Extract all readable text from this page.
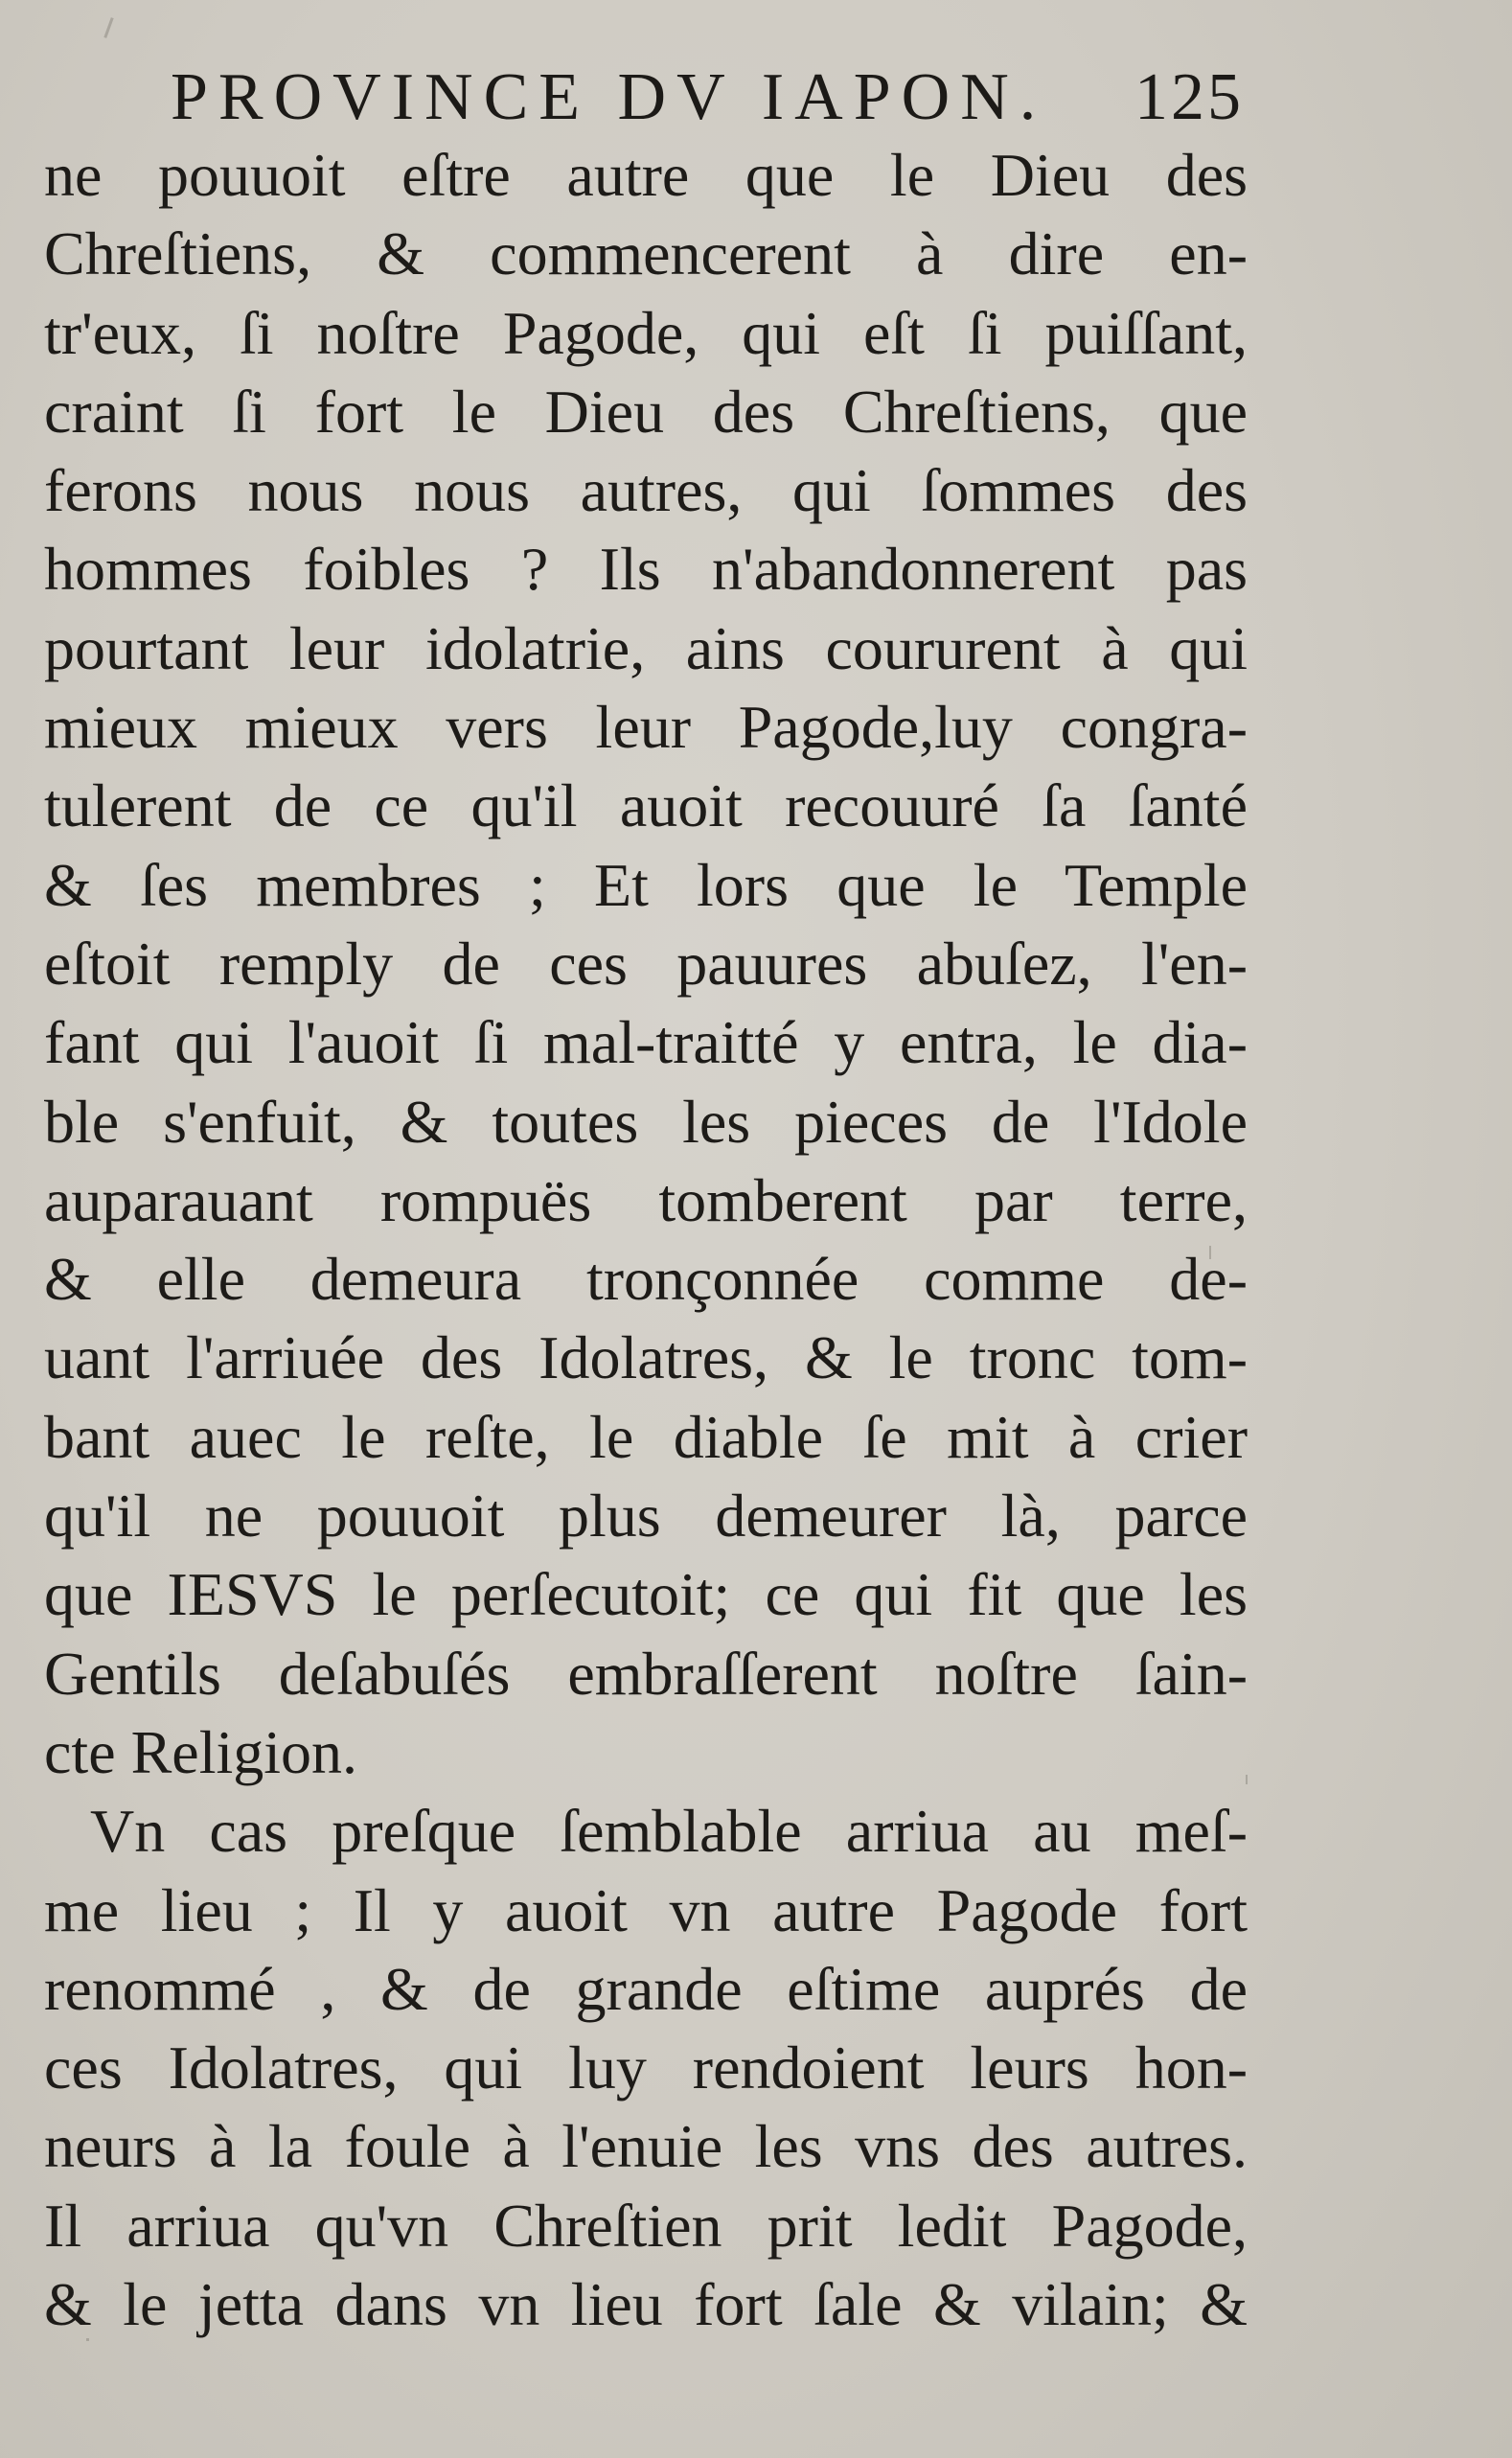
PROVINCE DV IAPON. 125
ne pouuoit eſtre autre que le Dieu des
Chreſtiens, & commencerent à dire en-
tr'eux, ſi noſtre Pagode, qui eſt ſi puiſſant,
craint ſi fort le Dieu des Chreſtiens, que
ferons nous nous autres, qui ſommes des
hommes foibles ? Ils n'abandonnerent pas
pourtant leur idolatrie, ains coururent à qui
mieux mieux vers leur Pagode,luy congra-
tulerent de ce qu'il auoit recouuré ſa ſanté
& ſes membres ; Et lors que le Temple
eſtoit remply de ces pauures abuſez, l'en-
fant qui l'auoit ſi mal-traitté y entra, le dia-
ble s'enfuit, & toutes les pieces de l'Idole
auparauant rompuës tomberent par terre,
& elle demeura tronçonnée comme de-
uant l'arriuée des Idolatres, & le tronc tom-
bant auec le reſte, le diable ſe mit à crier
qu'il ne pouuoit plus demeurer là, parce
que IESVS le perſecutoit; ce qui fit que les
Gentils deſabuſés embraſſerent noſtre ſain-
cte Religion.
Vn cas preſque ſemblable arriua au meſ-
me lieu ; Il y auoit vn autre Pagode fort
renommé , & de grande eſtime auprés de
ces Idolatres, qui luy rendoient leurs hon-
neurs à la foule à l'enuie les vns des autres.
Il arriua qu'vn Chreſtien prit ledit Pagode,
& le jetta dans vn lieu fort ſale & vilain; &
